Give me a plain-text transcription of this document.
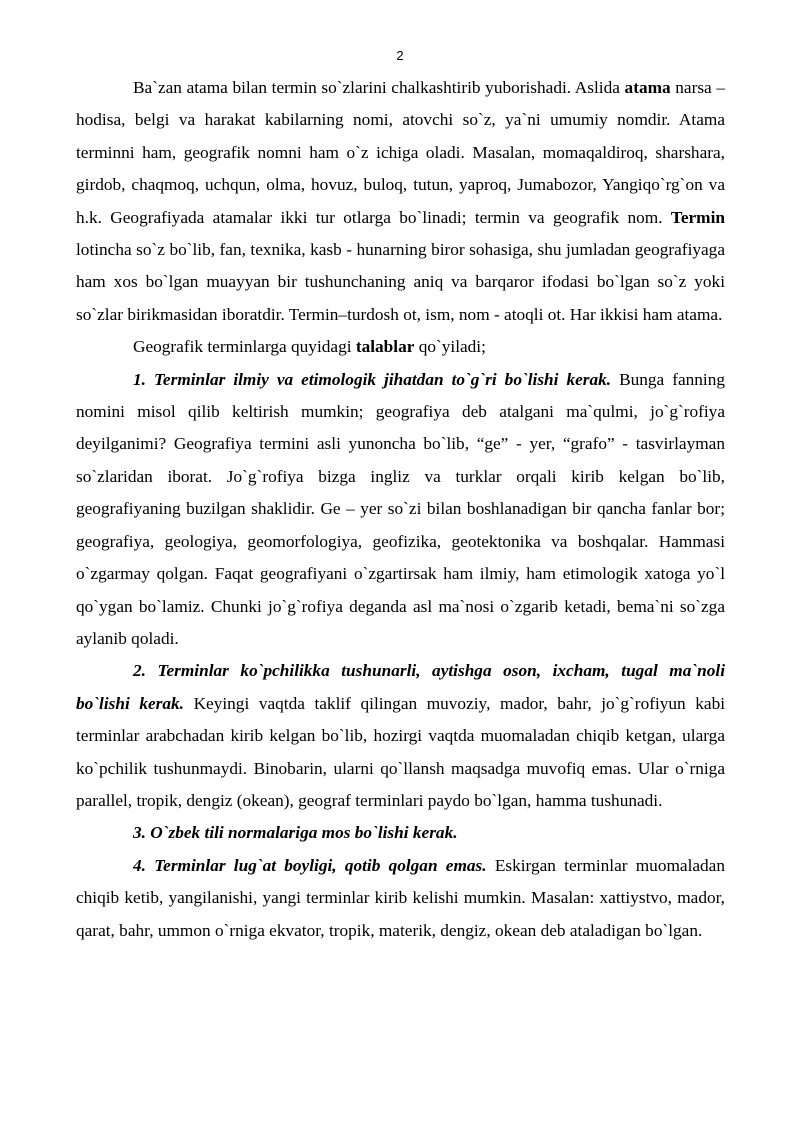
2

Ba`zan atama bilan termin so`zlarini chalkashtirib yuborishadi. Aslida atama narsa – hodisa, belgi va harakat kabilarning nomi, atovchi so`z, ya`ni umumiy nomdir. Atama terminni ham, geografik nomni ham o`z ichiga oladi. Masalan, momaqaldiroq, sharshara, girdob, chaqmoq, uchqun, olma, hovuz, buloq, tutun, yaproq, Jumabozor, Yangiqo`rg`on va h.k. Geografiyada atamalar ikki tur otlarga bo`linadi; termin va geografik nom. Termin lotincha so`z bo`lib, fan, texnika, kasb - hunarning biror sohasiga, shu jumladan geografiyaga ham xos bo`lgan muayyan bir tushunchaning aniq va barqaror ifodasi bo`lgan so`z yoki so`zlar birikmasidan iboratdir. Termin–turdosh ot, ism, nom - atoqli ot. Har ikkisi ham atama.

Geografik terminlarga quyidagi talablar qo`yiladi;

1. Terminlar ilmiy va etimologik jihatdan to`g`ri bo`lishi kerak. Bunga fanning nomini misol qilib keltirish mumkin; geografiya deb atalgani ma`qulmi, jo`g`rofiya deyilganimi? Geografiya termini asli yunoncha bo`lib, “ge” - yer, “grafo” - tasvirlayman so`zlaridan iborat. Jo`g`rofiya bizga ingliz va turklar orqali kirib kelgan bo`lib, geografiyaning buzilgan shaklidir. Ge – yer so`zi bilan boshlanadigan bir qancha fanlar bor; geografiya, geologiya, geomorfologiya, geofizika, geotektonika va boshqalar. Hammasi o`zgarmay qolgan. Faqat geografiyani o`zgartirsak ham ilmiy, ham etimologik xatoga yo`l qo`ygan bo`lamiz. Chunki jo`g`rofiya deganda asl ma`nosi o`zgarib ketadi, bema`ni so`zga aylanib qoladi.

2. Terminlar ko`pchilikka tushunarli, aytishga oson, ixcham, tugal ma`noli bo`lishi kerak. Keyingi vaqtda taklif qilingan muvoziy, mador, bahr, jo`g`rofiyun kabi terminlar arabchadan kirib kelgan bo`lib, hozirgi vaqtda muomaladan chiqib ketgan, ularga ko`pchilik tushunmaydi. Binobarin, ularni qo`llansh maqsadga muvofiq emas. Ular o`rniga parallel, tropik, dengiz (okean), geograf terminlari paydo bo`lgan, hamma tushunadi.

3. O`zbek tili normalariga mos bo`lishi kerak.

4. Terminlar lug`at boyligi, qotib qolgan emas. Eskirgan terminlar muomaladan chiqib ketib, yangilanishi, yangi terminlar kirib kelishi mumkin. Masalan: xattiystvo, mador, qarat, bahr, ummon o`rniga ekvator, tropik, materik, dengiz, okean deb ataladigan bo`lgan.
